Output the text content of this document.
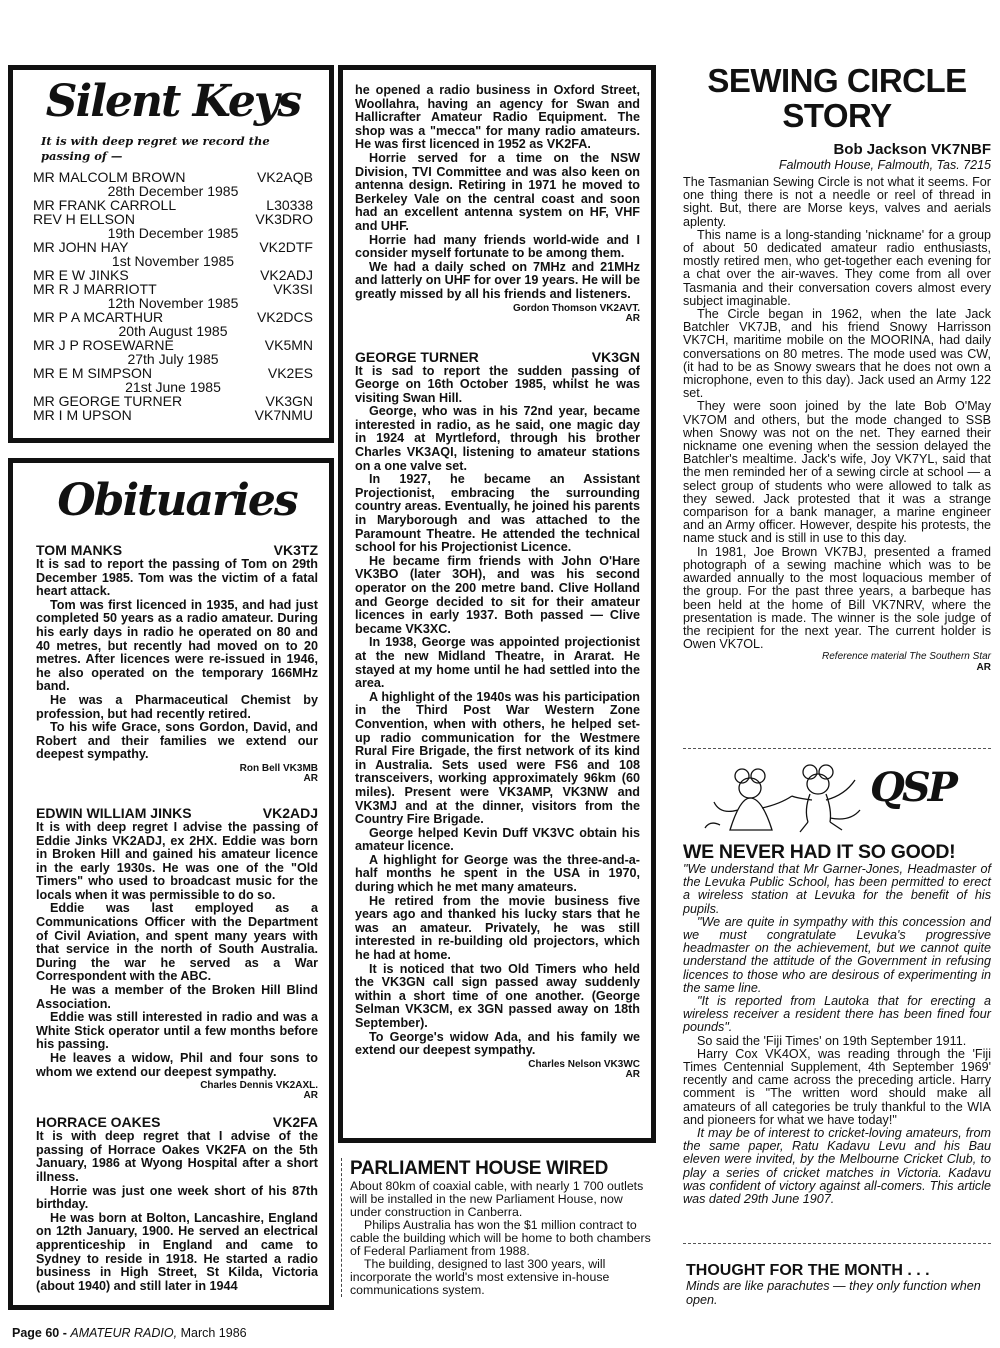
Silent Keys
It is with deep regret we record the passing of —
MR MALCOLM BROWN	VK2AQB
28th December 1985
MR FRANK CARROLL	L30338
REV H ELLSON	VK3DRO
19th December 1985
MR JOHN HAY	VK2DTF
1st November 1985
MR E W JINKS	VK2ADJ
MR R J MARRIOTT	VK3SI
12th November 1985
MR P A MCARTHUR	VK2DCS
20th August 1985
MR J P ROSEWARNE	VK5MN
27th July 1985
MR E M SIMPSON	VK2ES
21st June 1985
MR GEORGE TURNER	VK3GN
MR I M UPSON	VK7NMU
Obituaries
TOM MANKS	VK3TZ

It is sad to report the passing of Tom on 29th December 1985. Tom was the victim of a fatal heart attack.

Tom was first licenced in 1935, and had just completed 50 years as a radio amateur. During his early days in radio he operated on 80 and 40 metres, but recently had moved on to 20 metres. After licences were re-issued in 1946, he also operated on the temporary 166MHz band.

He was a Pharmaceutical Chemist by profession, but had recently retired.

To his wife Grace, sons Gordon, David, and Robert and their families we extend our deepest sympathy.

Ron Bell VK3MB

AR

EDWIN WILLIAM JINKS	VK2ADJ

It is with deep regret I advise the passing of Eddie Jinks VK2ADJ, ex 2HX. Eddie was born in Broken Hill and gained his amateur licence in the early 1930s. He was one of the "Old Timers" who used to broadcast music for the locals when it was permissible to do so.

Eddie was last employed as a Communications Officer with the Department of Civil Aviation, and spent many years with that service in the north of South Australia. During the war he served as a War Correspondent with the ABC.

He was a member of the Broken Hill Blind Association.

Eddie was still interested in radio and was a White Stick operator until a few months before his passing.

He leaves a widow, Phil and four sons to whom we extend our deepest sympathy.

Charles Dennis VK2AXL.

AR

HORRACE OAKES	VK2FA

It is with deep regret that I advise of the passing of Horrace Oakes VK2FA on the 5th January, 1986 at Wyong Hospital after a short illness.

Horrie was just one week short of his 87th birthday.

He was born at Bolton, Lancashire, England on 12th January, 1900. He served an electrical apprenticeship in England and came to Sydney to reside in 1918. He started a radio business in High Street, St Kilda, Victoria (about 1940) and still later in 1944

he opened a radio business in Oxford Street, Woollahra, having an agency for Swan and Hallicrafter Amateur Radio Equipment. The shop was a "mecca" for many radio amateurs. He was first licenced in 1952 as VK2FA.

Horrie served for a time on the NSW Division, TVI Committee and was also keen on antenna design. Retiring in 1971 he moved to Berkeley Vale on the central coast and soon had an excellent antenna system on HF, VHF and UHF.

Horrie had many friends world-wide and I consider myself fortunate to be among them.

We had a daily sched on 7MHz and 21MHz and latterly on UHF for over 19 years. He will be greatly missed by all his friends and listeners.

Gordon Thomson VK2AVT.

AR

GEORGE TURNER	VK3GN

It is sad to report the sudden passing of George on 16th October 1985, whilst he was visiting Swan Hill.

George, who was in his 72nd year, became interested in radio, as he said, one magic day in 1924 at Myrtleford, through his brother Charles VK3AQI, listening to amateur stations on a one valve set.

In 1927, he became an Assistant Projectionist, embracing the surrounding country areas. Eventually, he joined his parents in Maryborough and was attached to the Paramount Theatre. He attended the technical school for his Projectionist Licence.

He became firm friends with John O'Hare VK3BO (later 3OH), and was his second operator on the 200 metre band. Clive Holland and George decided to sit for their amateur licences in early 1937. Both passed — Clive became VK3XC.

In 1938, George was appointed projectionist at the new Midland Theatre, in Ararat. He stayed at my home until he had settled into the area.

A highlight of the 1940s was his participation in the Third Post War Western Zone Convention, when with others, he helped set- up radio communication for the Westmere Rural Fire Brigade, the first network of its kind in Australia. Sets used were FS6 and 108 transceivers, working approximately 96km (60 miles). Present were VK3AMP, VK3NW and VK3MJ and at the dinner, visitors from the Country Fire Brigade.

George helped Kevin Duff VK3VC obtain his amateur licence.

A highlight for George was the three-and-a-half months he spent in the USA in 1970, during which he met many amateurs.

He retired from the movie business five years ago and thanked his lucky stars that he was an amateur. Privately, he was still interested in re-building old projectors, which he had at home.

It is noticed that two Old Timers who held the VK3GN call sign passed away suddenly within a short time of one another. (George Selman VK3CM, ex 3GN passed away on 18th September).

To George's widow Ada, and his family we extend our deepest sympathy.

Charles Nelson VK3WC

AR

PARLIAMENT HOUSE WIRED

About 80km of coaxial cable, with nearly 1 700 outlets will be installed in the new Parliament House, now under construction in Canberra.

Philips Australia has won the $1 million contract to cable the building which will be home to both chambers of Federal Parliament from 1988.

The building, designed to last 300 years, will incorporate the world's most extensive in-house communications system.

SEWING CIRCLE
STORY
Bob Jackson VK7NBF
Falmouth House, Falmouth, Tas. 7215

The Tasmanian Sewing Circle is not what it seems. For one thing there is not a needle or reel of thread in sight. But, there are Morse keys, valves and aerials aplenty.

This name is a long-standing 'nickname' for a group of about 50 dedicated amateur radio enthusiasts, mostly retired men, who get-together each evening for a chat over the air-waves. They come from all over Tasmania and their conversation covers almost every subject imaginable.

The Circle began in 1962, when the late Jack Batchler VK7JB, and his friend Snowy Harrisson VK7CH, maritime mobile on the MOORINA, had daily conversations on 80 metres. The mode used was CW, (it had to be as Snowy swears that he does not own a microphone, even to this day). Jack used an Army 122 set.

They were soon joined by the late Bob O'May VK7OM and others, but the mode changed to SSB when Snowy was not on the net. They earned their nickname one evening when the session delayed the Batchler's mealtime. Jack's wife, Joy VK7YL, said that the men reminded her of a sewing circle at school — a select group of students who were allowed to talk as they sewed. Jack protested that it was a strange comparison for a bank manager, a marine engineer and an Army officer. However, despite his protests, the name stuck and is still in use to this day.

In 1981, Joe Brown VK7BJ, presented a framed photograph of a sewing machine which was to be awarded annually to the most loquacious member of the group. For the past three years, a barbeque has been held at the home of Bill VK7NRV, where the presentation is made. The winner is the sole judge of the recipient for the next year. The current holder is Owen VK7OL.

Reference material The Southern Star
AR
QSP
WE NEVER HAD IT SO GOOD!

"We understand that Mr Garner-Jones, Headmaster of the Levuka Public School, has been permitted to erect a wireless station at Levuka for the benefit of his pupils.

"We are quite in sympathy with this concession and we must congratulate Levuka's progressive headmaster on the achievement, but we cannot quite understand the attitude of the Government in refusing licences to those who are desirous of experimenting in the same line.

"It is reported from Lautoka that for erecting a wireless receiver a resident there has been fined four pounds".

So said the 'Fiji Times' on 19th September 1911.

Harry Cox VK4OX, was reading through the 'Fiji Times Centennial Supplement, 4th September 1969' recently and came across the preceding article. Harry comment is "The written word should make all amateurs of all categories be truly thankful to the WIA and pioneers for what we have today!"

It may be of interest to cricket-loving amateurs, from the same paper, Ratu Kadavu Levu and his Bau eleven were invited, by the Melbourne Cricket Club, to play a series of cricket matches in Victoria. Kadavu was confident of victory against all-comers. This article was dated 29th June 1907.

THOUGHT FOR THE MONTH . . .
Minds are like parachutes — they only function when open.
Page 60 - AMATEUR RADIO, March 1986
